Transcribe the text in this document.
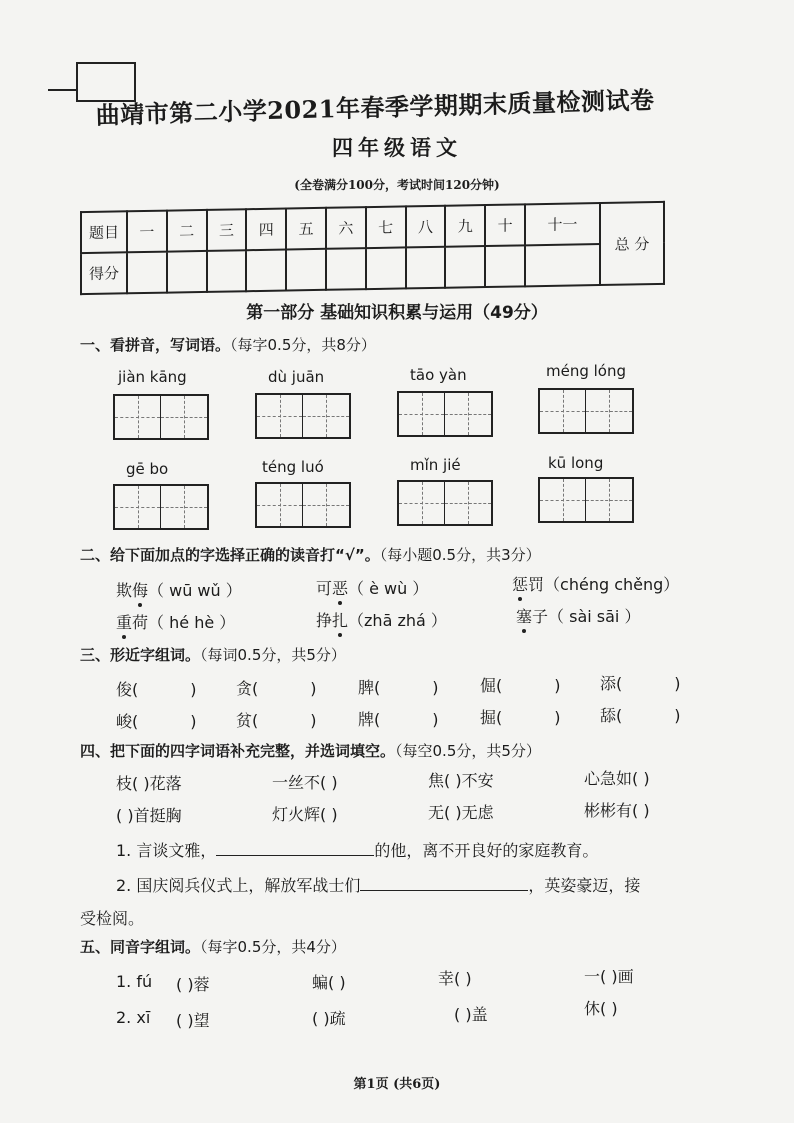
曲靖市第二小学2021年春季学期期末质量检测试卷
四年级语文
(全卷满分100分，考试时间120分钟)
题目	一	二	三	四	五	六	七	八	九	十	十一	总 分
得分												
第一部分 基础知识积累与运用（49分）
一、看拼音，写词语。（每字0.5分，共8分）
jiàn kāng	dù juān	tāo yàn	méng lóng
gē bo	téng luó	mǐn jié	kū long
二、给下面加点的字选择正确的读音打“√”。（每小题0.5分，共3分）
欺侮（ wū wǔ ）	可恶（ è wù ）	惩罚（chéng chěng）
重荷（ hé hè ）	挣扎（zhā zhá ）	塞子（ sài sāi ）
三、形近字组词。（每词0.5分，共5分）
俊(	) 贪(	)	脾(	)	倔(	) 添(	)
峻(	) 贫(	)	牌(	)	掘(	) 舔(	)
四、把下面的四字词语补充完整，并选词填空。（每空0.5分，共5分）
枝( )花落	一丝不( )	焦( )不安	心急如( )
( )首挺胸	灯火辉( )	无( )无虑	彬彬有( )
1. 言谈文雅，	的他，离不开良好的家庭教育。
2. 国庆阅兵仪式上，解放军战士们	，英姿豪迈，接
受检阅。
五、同音字组词。（每字0.5分，共4分）
1. fú ( )蓉	蝙( )	幸( )	一( )画
2. xī ( )望	( )疏	( )盖	休( )
第1页 (共6页)
